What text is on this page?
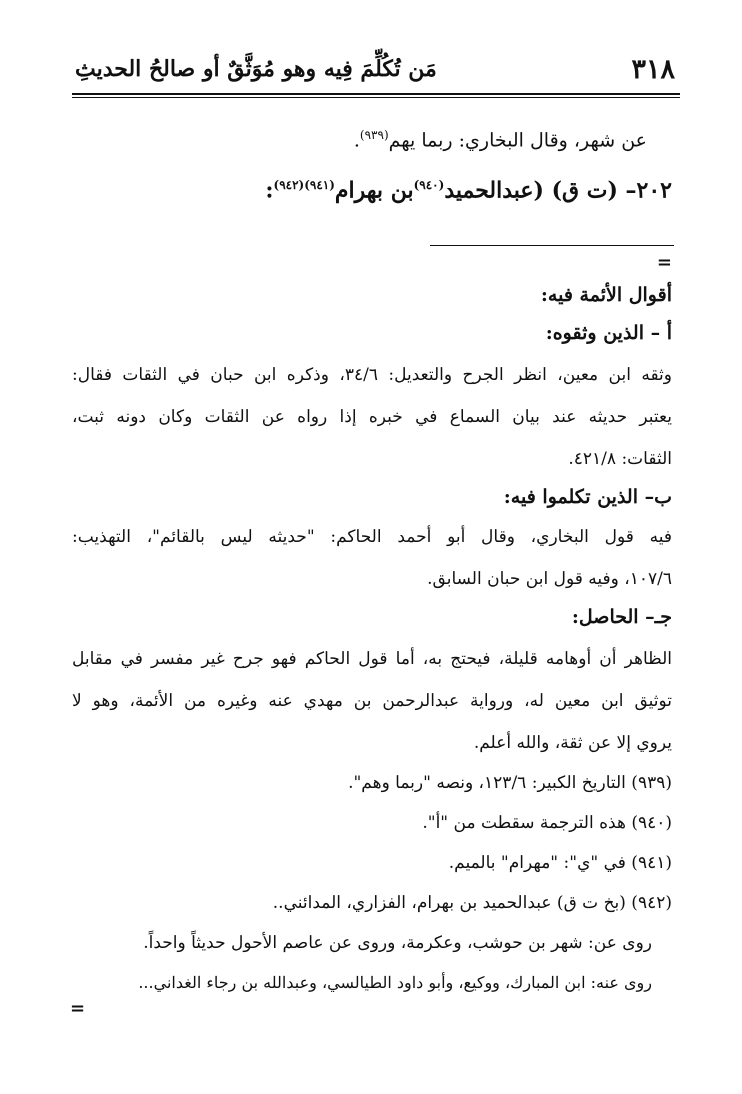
٣١٨
مَن تُكُلِّمَ فِيه وهو مُوَثَّقٌ أو صالحُ الحديثِ
عن شهر، وقال البخاري: ربما يهم$^{(٩٣٩)}$.
٢٠٢– (ت ق) (عبدالحميد$^{(٩٤٠)}$بن بهرام$^{(٩٤١)(٩٤٢)}$:
=
أقوال الأئمة فيه:
أ – الذين وثقوه:
وثقه ابن معين، انظر الجرح والتعديل: ٣٤/٦، وذكره ابن حبان في الثقات فقال:
يعتبر حديثه عند بيان السماع في خبره إذا رواه عن الثقات وكان دونه ثبت،
الثقات: ٤٢١/٨.
ب– الذين تكلموا فيه:
فيه قول البخاري، وقال أبو أحمد الحاكم: "حديثه ليس بالقائم"، التهذيب:
١٠٧/٦، وفيه قول ابن حبان السابق.
جـ– الحاصل:
الظاهر أن أوهامه قليلة، فيحتج به، أما قول الحاكم فهو جرح غير مفسر في مقابل
توثيق ابن معين له، ورواية عبدالرحمن بن مهدي عنه وغيره من الأئمة، وهو لا
يروي إلا عن ثقة، والله أعلم.
(٩٣٩) التاريخ الكبير: ١٢٣/٦، ونصه "ربما وهم".
(٩٤٠) هذه الترجمة سقطت من "أ".
(٩٤١) في "ي": "مهرام" بالميم.
(٩٤٢) (بخ ت ق) عبدالحميد بن بهرام، الفزاري، المدائني..
روى عن: شهر بن حوشب، وعكرمة، وروى عن عاصم الأحول حديثاً واحداً.
روى عنه: ابن المبارك، ووكيع، وأبو داود الطيالسي، وعبدالله بن رجاء الغداني...
=
